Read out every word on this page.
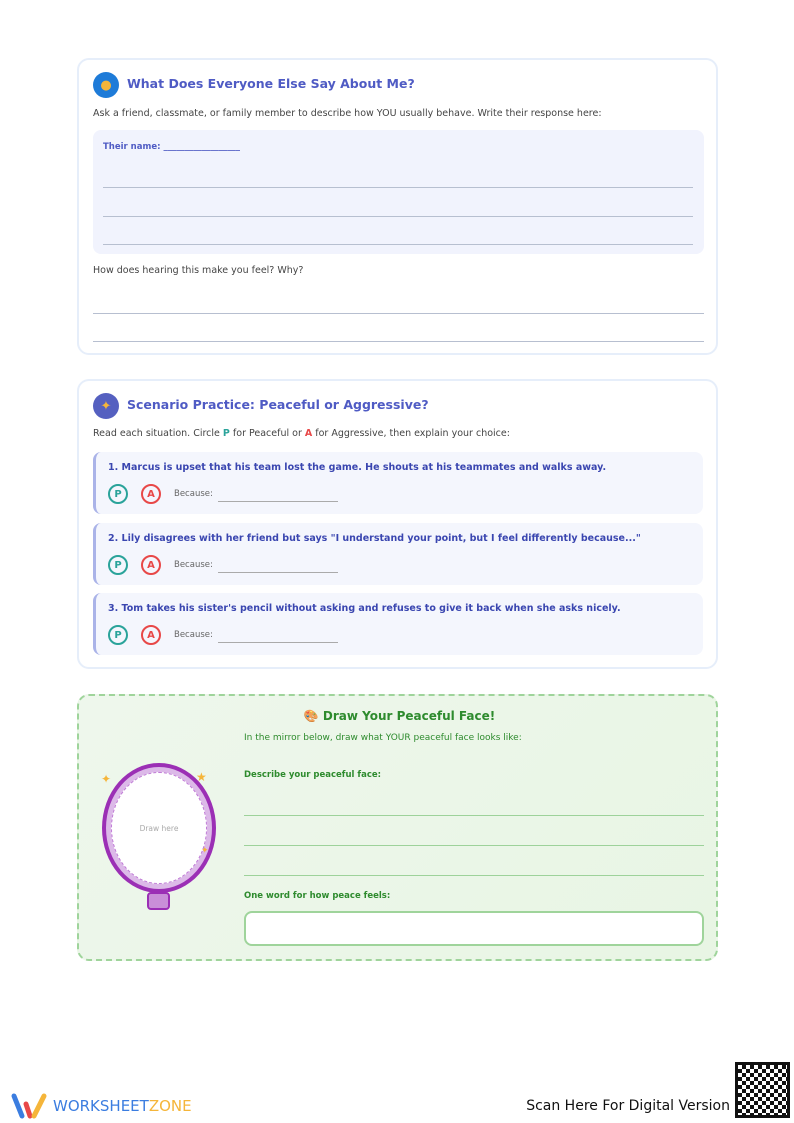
●	What Does Everyone Else Say About Me?
Ask a friend, classmate, or family member to describe how YOU usually behave. Write their response here:
Their name: __________________
How does hearing this make you feel? Why?
✦	Scenario Practice: Peaceful or Aggressive?
Read each situation. Circle P for Peaceful or A for Aggressive, then explain your choice:
1. Marcus is upset that his team lost the game. He shouts at his teammates and walks away.
P	A	Because:
2. Lily disagrees with her friend but says "I understand your point, but I feel differently because..."
P	A	Because:
3. Tom takes his sister's pencil without asking and refuses to give it back when she asks nicely.
P	A	Because:
🎨 Draw Your Peaceful Face!
In the mirror below, draw what YOUR peaceful face looks like:
Draw here
✦	★
✦
Describe your peaceful face:
One word for how peace feels:
WORKSHEETZONE	Scan Here For Digital Version
